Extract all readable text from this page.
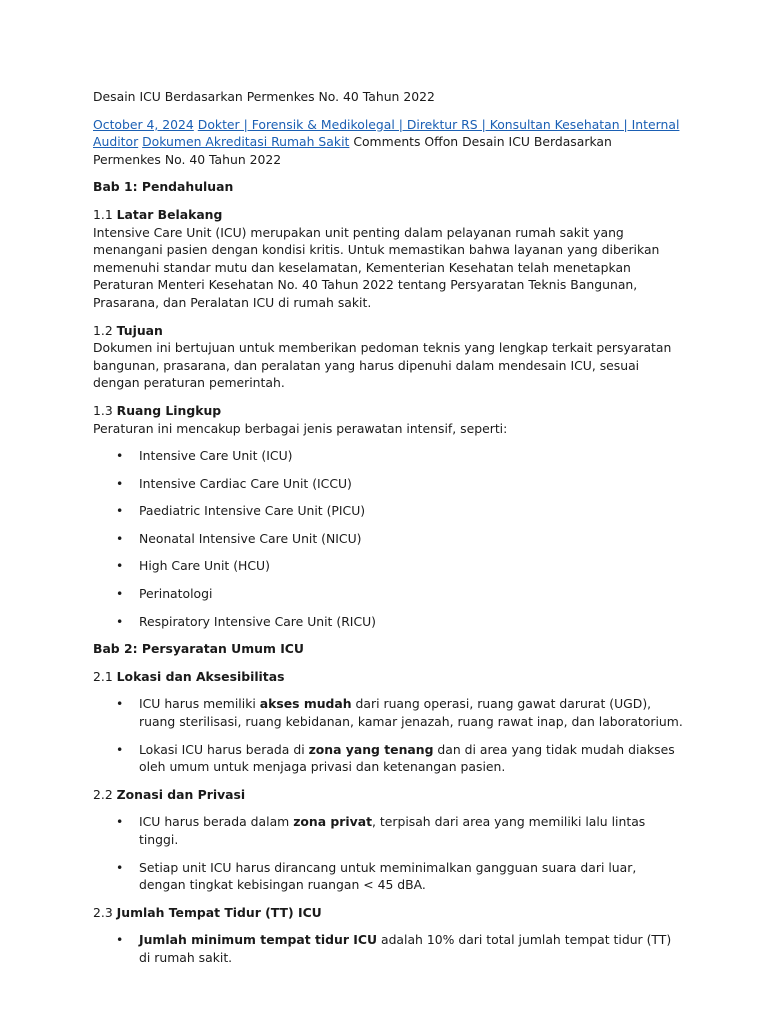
Desain ICU Berdasarkan Permenkes No. 40 Tahun 2022

October 4, 2024 Dokter | Forensik & Medikolegal | Direktur RS | Konsultan Kesehatan | Internal Auditor Dokumen Akreditasi Rumah Sakit Comments Offon Desain ICU Berdasarkan Permenkes No. 40 Tahun 2022

Bab 1: Pendahuluan

1.1 Latar Belakang
Intensive Care Unit (ICU) merupakan unit penting dalam pelayanan rumah sakit yang menangani pasien dengan kondisi kritis. Untuk memastikan bahwa layanan yang diberikan memenuhi standar mutu dan keselamatan, Kementerian Kesehatan telah menetapkan Peraturan Menteri Kesehatan No. 40 Tahun 2022 tentang Persyaratan Teknis Bangunan, Prasarana, dan Peralatan ICU di rumah sakit.

1.2 Tujuan
Dokumen ini bertujuan untuk memberikan pedoman teknis yang lengkap terkait persyaratan bangunan, prasarana, dan peralatan yang harus dipenuhi dalam mendesain ICU, sesuai dengan peraturan pemerintah.

1.3 Ruang Lingkup
Peraturan ini mencakup berbagai jenis perawatan intensif, seperti:

• Intensive Care Unit (ICU)
• Intensive Cardiac Care Unit (ICCU)
• Paediatric Intensive Care Unit (PICU)
• Neonatal Intensive Care Unit (NICU)
• High Care Unit (HCU)
• Perinatologi
• Respiratory Intensive Care Unit (RICU)

Bab 2: Persyaratan Umum ICU

2.1 Lokasi dan Aksesibilitas

• ICU harus memiliki akses mudah dari ruang operasi, ruang gawat darurat (UGD), ruang sterilisasi, ruang kebidanan, kamar jenazah, ruang rawat inap, dan laboratorium.
• Lokasi ICU harus berada di zona yang tenang dan di area yang tidak mudah diakses oleh umum untuk menjaga privasi dan ketenangan pasien.

2.2 Zonasi dan Privasi

• ICU harus berada dalam zona privat, terpisah dari area yang memiliki lalu lintas tinggi.
• Setiap unit ICU harus dirancang untuk meminimalkan gangguan suara dari luar, dengan tingkat kebisingan ruangan < 45 dBA.

2.3 Jumlah Tempat Tidur (TT) ICU

• Jumlah minimum tempat tidur ICU adalah 10% dari total jumlah tempat tidur (TT) di rumah sakit.
